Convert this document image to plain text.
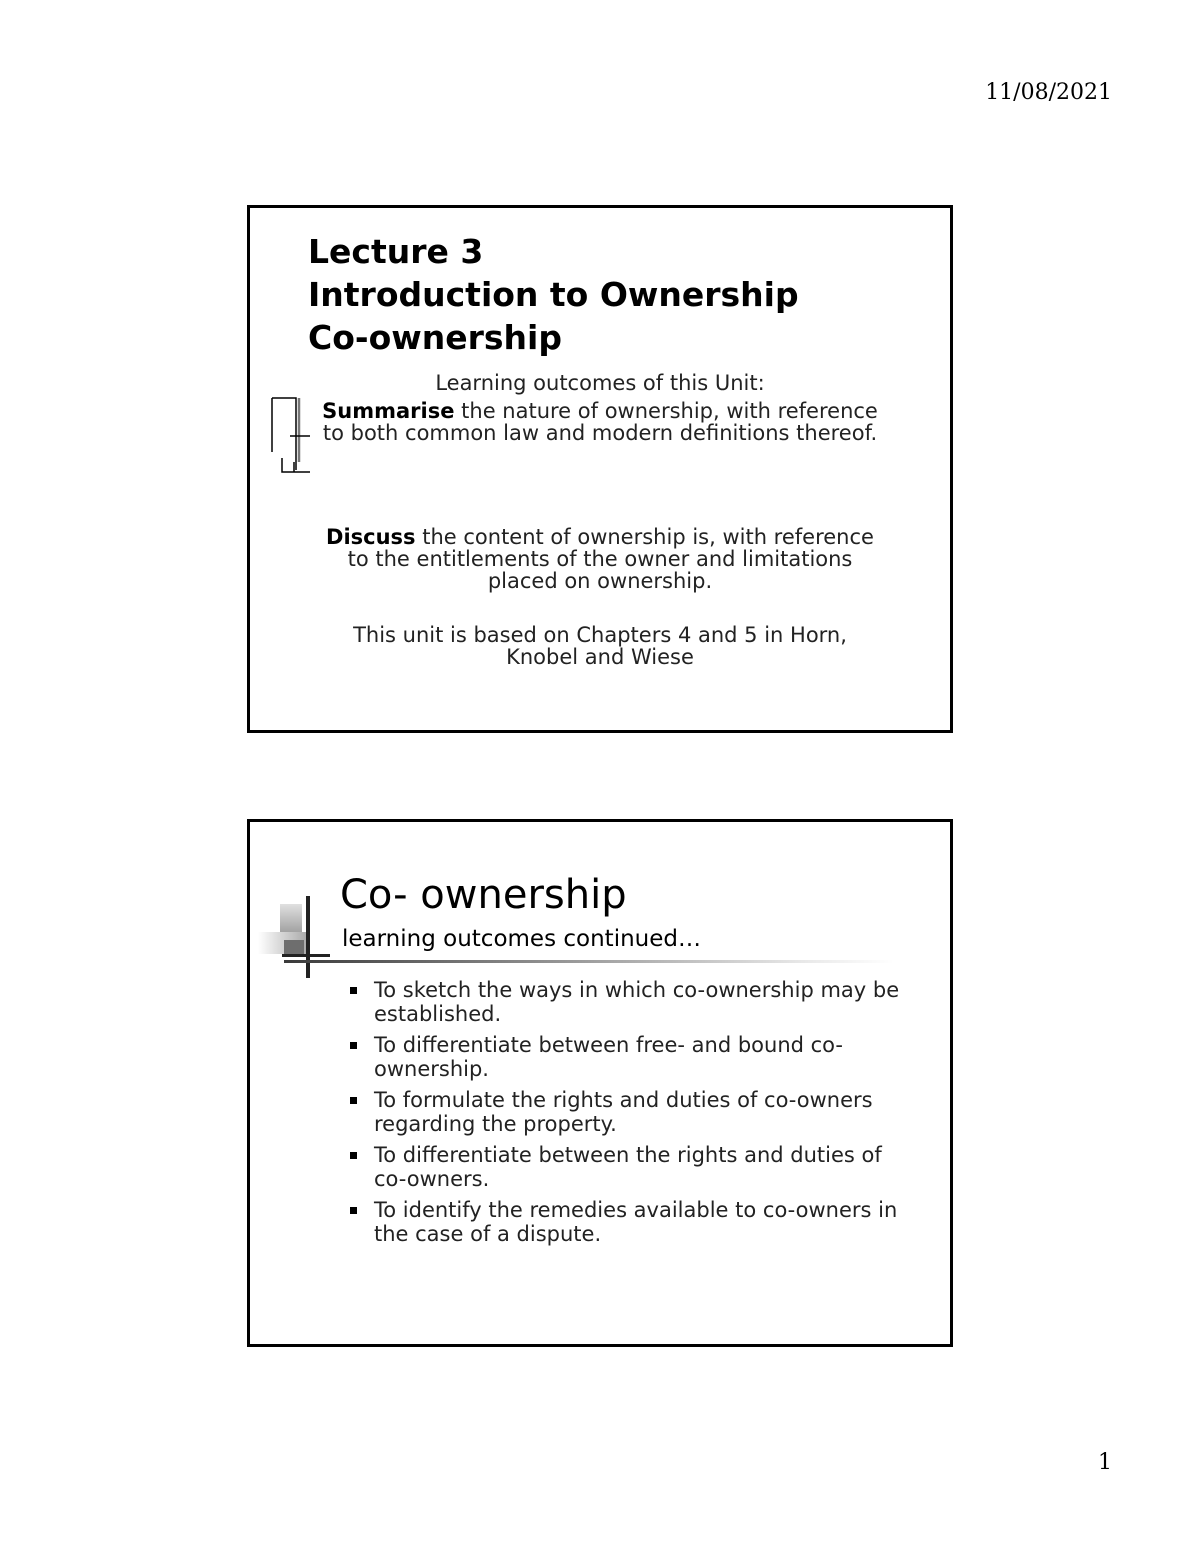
11/08/2021
Lecture 3
Introduction to Ownership
Co-ownership
Learning outcomes of this Unit:
Summarise the nature of ownership, with reference to both common law and modern definitions thereof.
Discuss the content of ownership is, with reference to the entitlements of the owner and limitations placed on ownership.
This unit is based on Chapters 4 and 5 in Horn, Knobel and Wiese
Co- ownership
learning outcomes continued…
To sketch the ways in which co-ownership may be established.
To differentiate between free- and bound co-ownership.
To formulate the rights and duties of co-owners regarding the property.
To differentiate between the rights and duties of co-owners.
To identify the remedies available to co-owners in the case of a dispute.
1
